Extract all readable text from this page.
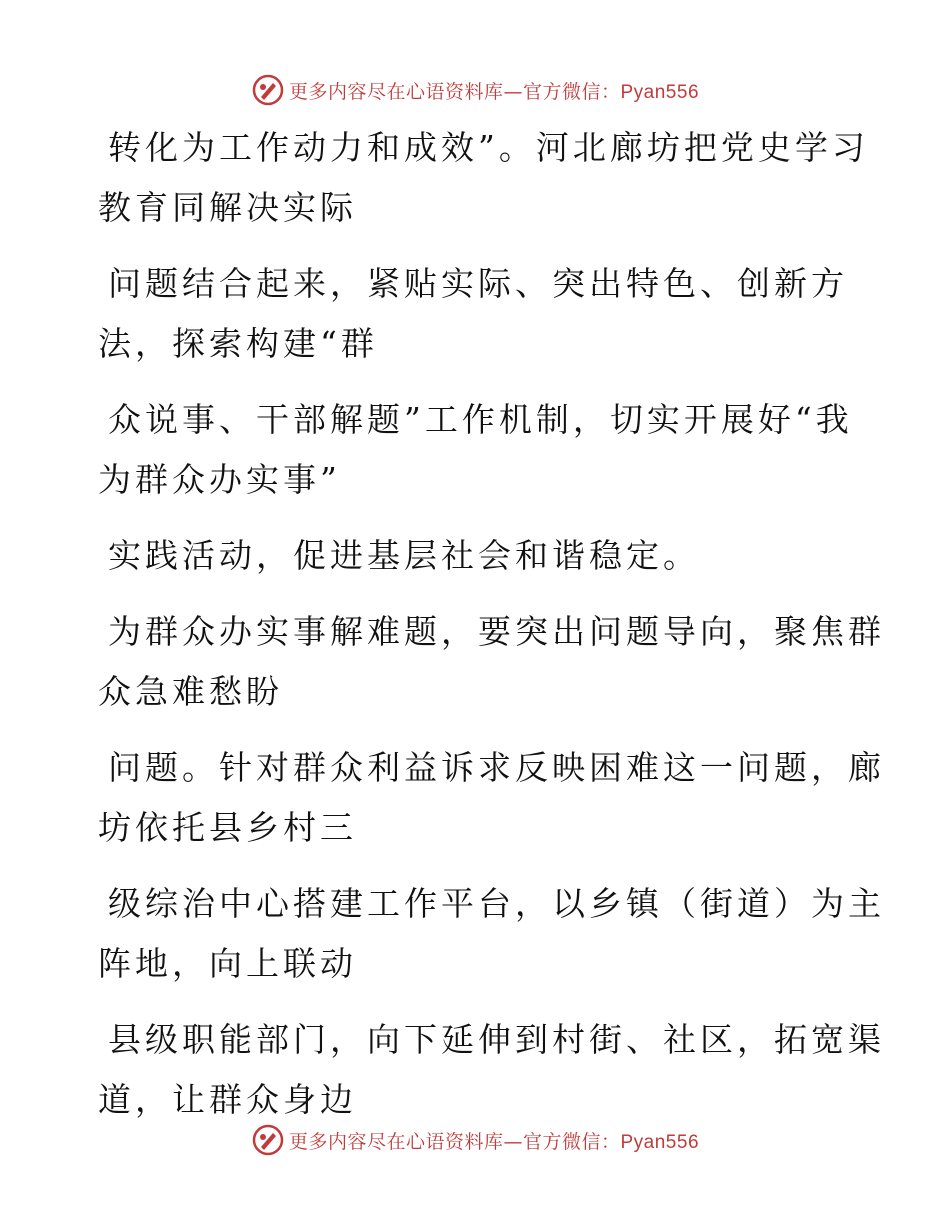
更多内容尽在心语资料库—官方微信：Pyan556

转化为工作动力和成效”。河北廊坊把党史学习
教育同解决实际

问题结合起来，紧贴实际、突出特色、创新方
法，探索构建“群

众说事、干部解题”工作机制，切实开展好“我
为群众办实事”

实践活动，促进基层社会和谐稳定。

为群众办实事解难题，要突出问题导向，聚焦群
众急难愁盼

问题。针对群众利益诉求反映困难这一问题，廊
坊依托县乡村三

级综治中心搭建工作平台，以乡镇（街道）为主
阵地，向上联动

县级职能部门，向下延伸到村街、社区，拓宽渠
道，让群众身边

更多内容尽在心语资料库—官方微信：Pyan556
